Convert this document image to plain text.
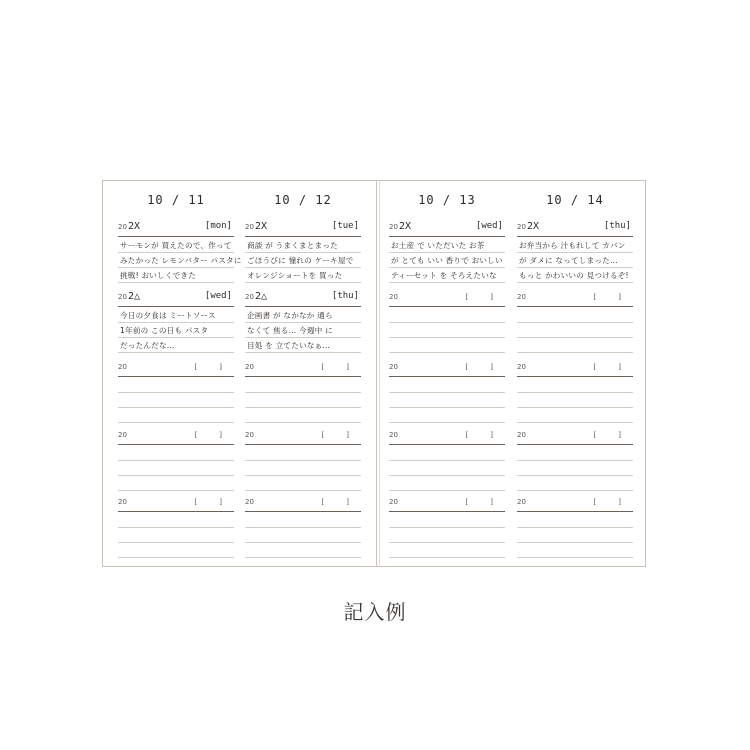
10 / 11
20 2X	[mon]
サーモンが 買えたので、作って
みたかった レモンバター パスタに
挑戦! おいしくできた
20 2△	[wed]
今日の夕食は ミートソース
1年前の この日も パスタ
だったんだな…
20	[ ]
20	[ ]
20	[ ]
10 / 12
20 2X	[tue]
商談 が うまくまとまった
ごほうびに 憧れの ケーキ屋で
オレンジショートを 買った
20 2△	[thu]
企画書 が なかなか 通ら
なくて 焦る… 今週中 に
目処 を 立てたいなぁ…
20	[ ]
20	[ ]
20	[ ]
10 / 13
20 2X	[wed]
お土産 で いただいた お茶
が とても いい 香りで おいしい
ティーセット を そろえたいな
20	[ ]
20	[ ]
20	[ ]
20	[ ]
10 / 14
20 2X	[thu]
お弁当から 汁もれして カバン
が ダメに なってしまった…
もっと かわいいの 見つけるぞ!
20	[ ]
20	[ ]
20	[ ]
20	[ ]
記入例
